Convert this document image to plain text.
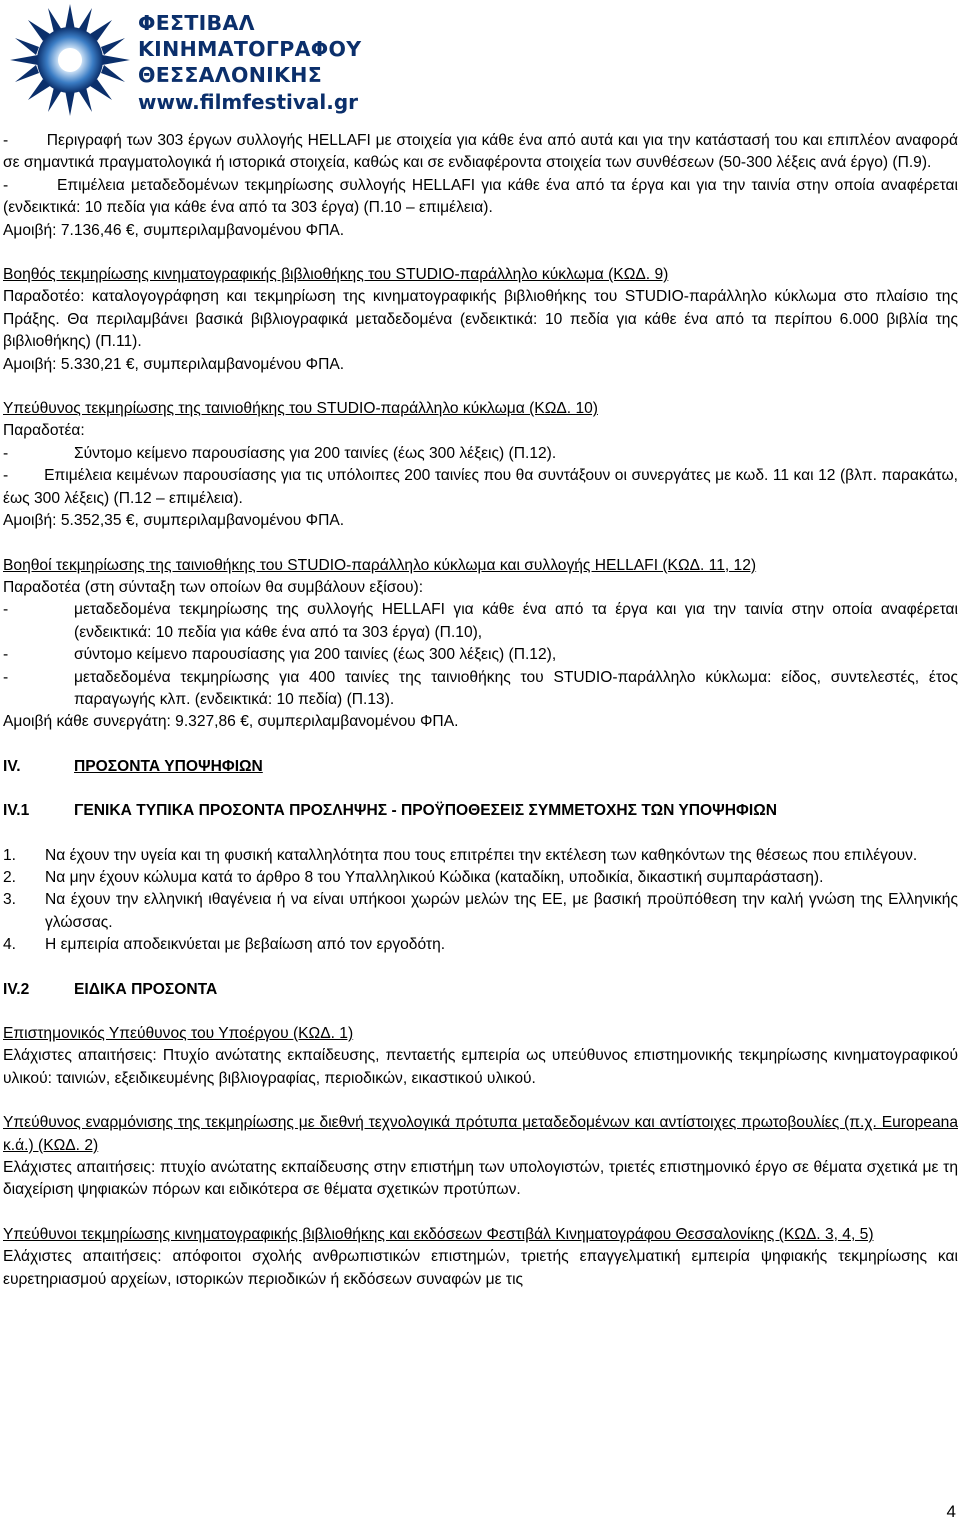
ΦΕΣΤΙΒΑΛ
ΚΙΝΗΜΑΤΟΓΡΑΦΟΥ
ΘΕΣΣΑΛΟΝΙΚΗΣ
www.filmfestival.gr

-        Περιγραφή των 303 έργων συλλογής HELLAFI με στοιχεία για κάθε ένα από αυτά και για την κατάστασή του και επιπλέον αναφορά σε σημαντικά πραγματολογικά ή ιστορικά στοιχεία, καθώς και σε ενδιαφέροντα στοιχεία των συνθέσεων (50-300 λέξεις ανά έργο) (Π.9).

-        Επιμέλεια μεταδεδομένων τεκμηρίωσης συλλογής HELLAFI για κάθε ένα από τα έργα και για την ταινία στην οποία αναφέρεται (ενδεικτικά: 10 πεδία για κάθε ένα από τα 303 έργα) (Π.10 – επιμέλεια).

Αμοιβή: 7.136,46 €, συμπεριλαμβανομένου ΦΠΑ.

Βοηθός τεκμηρίωσης κινηματογραφικής βιβλιοθήκης του STUDIO-παράλληλο κύκλωμα (ΚΩΔ. 9)

Παραδοτέο: καταλογογράφηση και τεκμηρίωση της κινηματογραφικής βιβλιοθήκης του STUDIO-παράλληλο κύκλωμα στο πλαίσιο της Πράξης. Θα περιλαμβάνει βασικά βιβλιογραφικά μεταδεδομένα (ενδεικτικά: 10 πεδία για κάθε ένα από τα περίπου 6.000 βιβλία της βιβλιοθήκης) (Π.11).

Αμοιβή: 5.330,21 €, συμπεριλαμβανομένου ΦΠΑ.

Υπεύθυνος τεκμηρίωσης της ταινιοθήκης του STUDIO-παράλληλο κύκλωμα (ΚΩΔ. 10)

Παραδοτέα:

-	Σύντομο κείμενο παρουσίασης για 200 ταινίες (έως 300 λέξεις) (Π.12).

-        Επιμέλεια κειμένων παρουσίασης για τις υπόλοιπες 200 ταινίες που θα συντάξουν οι συνεργάτες με κωδ. 11 και 12 (βλπ. παρακάτω, έως 300 λέξεις) (Π.12 – επιμέλεια).

Αμοιβή: 5.352,35 €, συμπεριλαμβανομένου ΦΠΑ.

Βοηθοί τεκμηρίωσης της ταινιοθήκης του STUDIO-παράλληλο κύκλωμα και συλλογής HELLAFI (ΚΩΔ. 11, 12)

Παραδοτέα (στη σύνταξη των οποίων θα συμβάλουν εξίσου):

-	μεταδεδομένα τεκμηρίωσης της συλλογής HELLAFI για κάθε ένα από τα έργα και για την ταινία στην οποία αναφέρεται (ενδεικτικά: 10 πεδία για κάθε ένα από τα 303 έργα) (Π.10),
-	σύντομο κείμενο παρουσίασης για 200 ταινίες (έως 300 λέξεις) (Π.12),
-	μεταδεδομένα τεκμηρίωσης για 400 ταινίες της ταινιοθήκης του STUDIO-παράλληλο κύκλωμα: είδος, συντελεστές, έτος παραγωγής κλπ. (ενδεικτικά: 10 πεδία) (Π.13).

Αμοιβή κάθε συνεργάτη: 9.327,86 €, συμπεριλαμβανομένου ΦΠΑ.

IV.	ΠΡΟΣΟΝΤΑ ΥΠΟΨΗΦΙΩΝ
IV.1	ΓΕΝΙΚΑ ΤΥΠΙΚΑ ΠΡΟΣΟΝΤΑ ΠΡΟΣΛΗΨΗΣ - ΠΡΟΫΠΟΘΕΣΕΙΣ ΣΥΜΜΕΤΟΧΗΣ ΤΩΝ ΥΠΟΨΗΦΙΩΝ
1.	Να έχουν την υγεία και τη φυσική καταλληλότητα που τους επιτρέπει την εκτέλεση των καθηκόντων της θέσεως που επιλέγουν.
2.	Να μην έχουν κώλυμα κατά το άρθρο 8 του Υπαλληλικού Κώδικα (καταδίκη, υποδικία, δικαστική συμπαράσταση).
3.	Να έχουν την ελληνική ιθαγένεια ή να είναι υπήκοοι χωρών μελών της ΕΕ, με βασική προϋπόθεση την καλή γνώση της Ελληνικής γλώσσας.
4.	Η εμπειρία αποδεικνύεται με βεβαίωση από τον εργοδότη.
IV.2	ΕΙΔΙΚΑ ΠΡΟΣΟΝΤΑ

Επιστημονικός Υπεύθυνος του Υποέργου (ΚΩΔ. 1)

Ελάχιστες απαιτήσεις: Πτυχίο ανώτατης εκπαίδευσης, πενταετής εμπειρία ως υπεύθυνος επιστημονικής τεκμηρίωσης κινηματογραφικού υλικού: ταινιών, εξειδικευμένης βιβλιογραφίας, περιοδικών, εικαστικού υλικού.

Υπεύθυνος εναρμόνισης της τεκμηρίωσης με διεθνή τεχνολογικά πρότυπα μεταδεδομένων και αντίστοιχες πρωτοβουλίες (π.χ. Europeana κ.ά.) (ΚΩΔ. 2)

Ελάχιστες απαιτήσεις: πτυχίο ανώτατης εκπαίδευσης στην επιστήμη των υπολογιστών, τριετές επιστημονικό έργο σε θέματα σχετικά με τη διαχείριση ψηφιακών πόρων και ειδικότερα σε θέματα σχετικών προτύπων.

Υπεύθυνοι τεκμηρίωσης κινηματογραφικής βιβλιοθήκης και εκδόσεων Φεστιβάλ Κινηματογράφου Θεσσαλονίκης (ΚΩΔ. 3, 4, 5)

Ελάχιστες απαιτήσεις: απόφοιτοι σχολής ανθρωπιστικών επιστημών, τριετής επαγγελματική εμπειρία ψηφιακής τεκμηρίωσης και ευρετηριασμού αρχείων, ιστορικών περιοδικών ή εκδόσεων συναφών με τις

4
